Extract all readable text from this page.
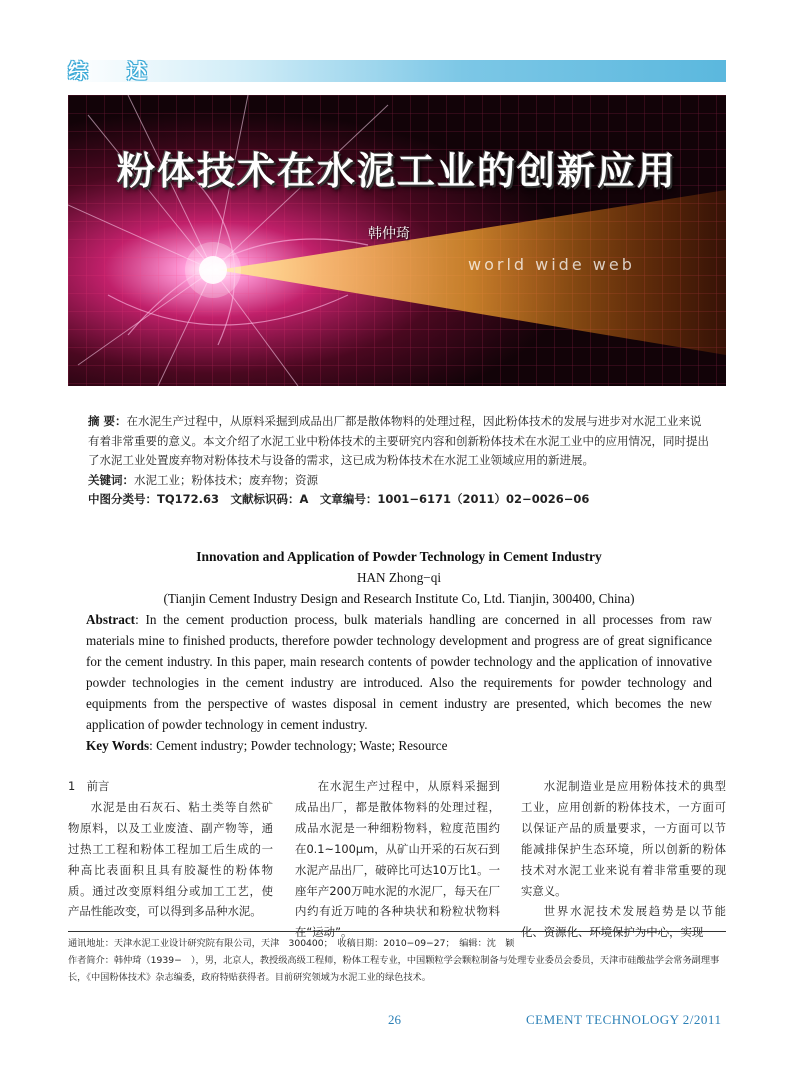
综 述
world wide web
粉体技术在水泥工业的创新应用
韩仲琦

摘 要：在水泥生产过程中，从原料采掘到成品出厂都是散体物料的处理过程，因此粉体技术的发展与进步对水泥工业来说有着非常重要的意义。本文介绍了水泥工业中粉体技术的主要研究内容和创新粉体技术在水泥工业中的应用情况，同时提出了水泥工业处置废弃物对粉体技术与设备的需求，这已成为粉体技术在水泥工业领域应用的新进展。

关键词：水泥工业；粉体技术；废弃物；资源

中图分类号：TQ172.63　文献标识码：A　文章编号：1001−6171（2011）02−0026−06

Innovation and Application of Powder Technology in Cement Industry
HAN Zhong−qi
(Tianjin Cement Industry Design and Research Institute Co, Ltd. Tianjin, 300400, China)
Abstract: In the cement production process, bulk materials handling are concerned in all processes from raw materials mine to finished products, therefore powder technology development and progress are of great significance for the cement industry. In this paper, main research contents of powder technology and the application of innovative powder technologies in the cement industry are introduced. Also the requirements for powder technology and equipments from the perspective of wastes disposal in cement industry are presented, which becomes the new application of powder technology in cement industry.
Key Words: Cement industry; Powder technology; Waste; Resource

1　前言

水泥是由石灰石、粘土类等自然矿物原料，以及工业废渣、副产物等，通过热工工程和粉体工程加工后生成的一种高比表面积且具有胶凝性的粉体物质。通过改变原料组分或加工工艺，使产品性能改变，可以得到多品种水泥。

在水泥生产过程中，从原料采掘到成品出厂，都是散体物料的处理过程，成品水泥是一种细粉物料，粒度范围约在0.1~100μm，从矿山开采的石灰石到水泥产品出厂，破碎比可达10万比1。一座年产200万吨水泥的水泥厂，每天在厂内约有近万吨的各种块状和粉粒状物料在“运动”。

水泥制造业是应用粉体技术的典型工业，应用创新的粉体技术，一方面可以保证产品的质量要求，一方面可以节能减排保护生态环境，所以创新的粉体技术对水泥工业来说有着非常重要的现实意义。

世界水泥技术发展趋势是以节能化、资源化、环境保护为中心，实现

通讯地址：天津水泥工业设计研究院有限公司，天津　300400；　收稿日期：2010−09−27；　编辑：沈　颖

作者简介：韩仲琦（1939−　），男，北京人，教授级高级工程师，粉体工程专业，中国颗粒学会颗粒制备与处理专业委员会委员，天津市硅酸盐学会常务副理事长，《中国粉体技术》杂志编委，政府特贴获得者。目前研究领域为水泥工业的绿色技术。

26	CEMENT TECHNOLOGY 2/2011
